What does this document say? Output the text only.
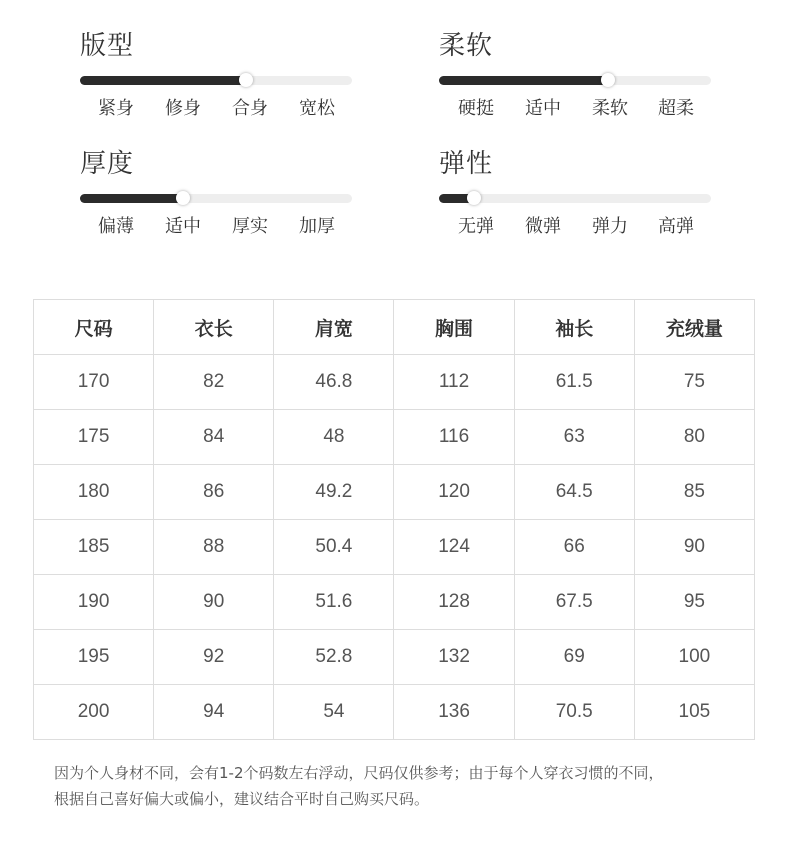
版型
紧身	修身	合身	宽松
柔软
硬挺	适中	柔软	超柔
厚度
偏薄	适中	厚实	加厚
弹性
无弹	微弹	弹力	高弹
尺码	衣长	肩宽	胸围	袖长	充绒量
170	82	46.8	112	61.5	75
175	84	48	116	63	80
180	86	49.2	120	64.5	85
185	88	50.4	124	66	90
190	90	51.6	128	67.5	95
195	92	52.8	132	69	100
200	94	54	136	70.5	105

因为个人身材不同，会有1-2个码数左右浮动，尺码仅供参考；由于每个人穿衣习惯的不同，
根据自己喜好偏大或偏小，建议结合平时自己购买尺码。
